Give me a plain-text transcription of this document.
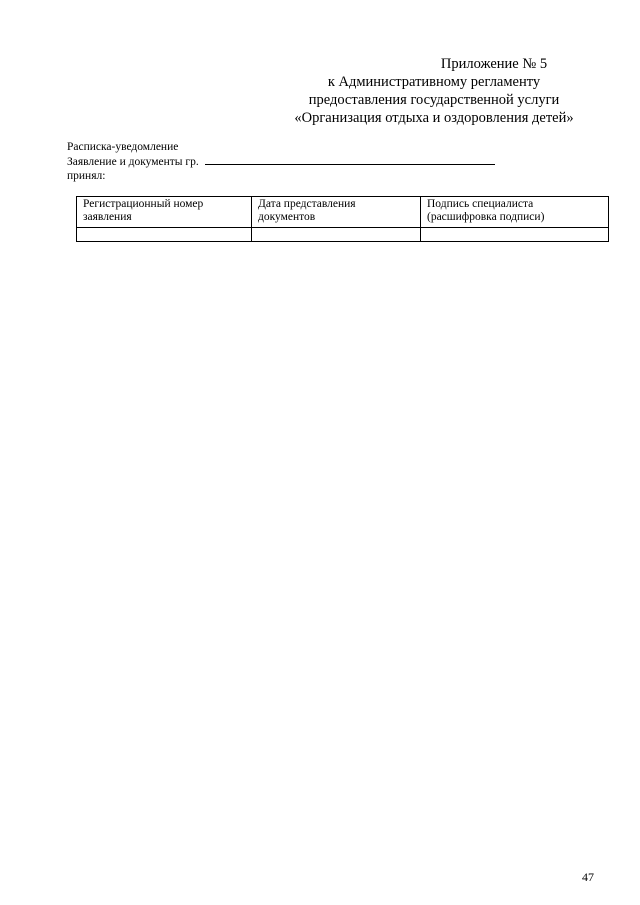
Приложение № 5
к Административному регламенту
предоставления государственной услуги
«Организация отдыха и оздоровления детей»
Расписка-уведомление
Заявление и документы гр.
принял:
Регистрационный номер заявления	Дата представления документов	Подпись специалиста (расшифровка подписи)

47
